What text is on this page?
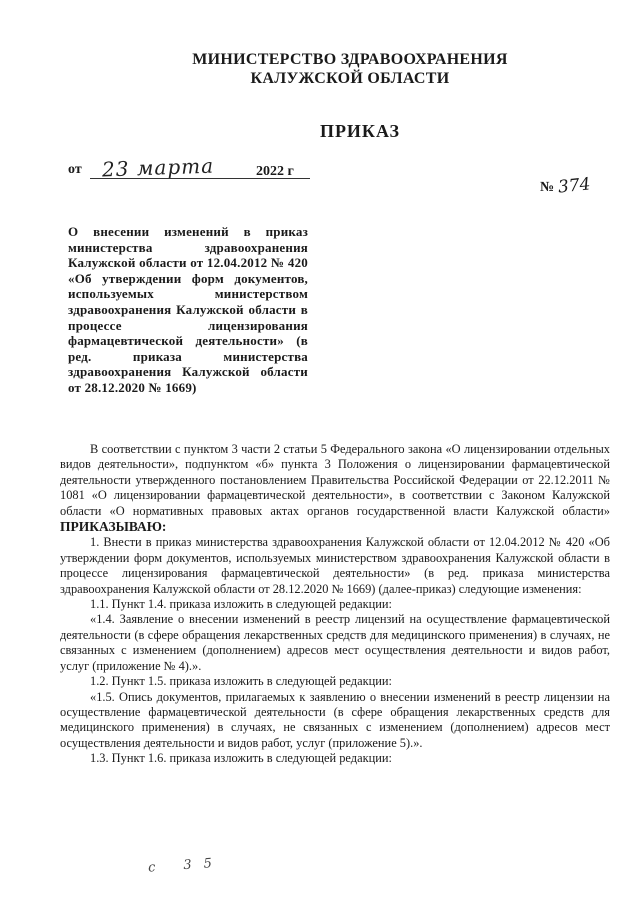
МИНИСТЕРСТВО ЗДРАВООХРАНЕНИЯ
КАЛУЖСКОЙ ОБЛАСТИ
ПРИКАЗ
от 23 марта	2022 г
№ 374
О внесении изменений в приказ министерства здравоохранения Калужской области от 12.04.2012 № 420 «Об утверждении форм документов, используемых министерством здравоохранения Калужской области в процессе лицензирования фармацевтической деятельности» (в ред. приказа министерства здравоохранения Калужской области от 28.12.2020 № 1669)

В соответствии с пунктом 3 части 2 статьи 5 Федерального закона «О лицензировании отдельных видов деятельности», подпунктом «б» пункта 3 Положения о лицензировании фармацевтической деятельности утвержденного постановлением Правительства Российской Федерации от 22.12.2011 № 1081 «О лицензировании фармацевтической деятельности», в соответствии с Законом Калужской области «О нормативных правовых актах органов государственной власти Калужской области» ПРИКАЗЫВАЮ:

1. Внести в приказ министерства здравоохранения Калужской области от 12.04.2012 № 420 «Об утверждении форм документов, используемых министерством здравоохранения Калужской области в процессе лицензирования фармацевтической деятельности» (в ред. приказа министерства здравоохранения Калужской области от 28.12.2020 № 1669) (далее-приказ) следующие изменения:

1.1. Пункт 1.4. приказа изложить в следующей редакции:

«1.4. Заявление о внесении изменений в реестр лицензий на осуществление фармацевтической деятельности (в сфере обращения лекарственных средств для медицинского применения) в случаях, не связанных с изменением (дополнением) адресов мест осуществления деятельности и видов работ, услуг (приложение № 4).».

1.2. Пункт 1.5. приказа изложить в следующей редакции:

«1.5. Опись документов, прилагаемых к заявлению о внесении изменений в реестр лицензии на осуществление фармацевтической деятельности (в сфере обращения лекарственных средств для медицинского применения) в случаях, не связанных с изменением (дополнением) адресов мест осуществления деятельности и видов работ, услуг (приложение 5).».

1.3. Пункт 1.6. приказа изложить в следующей редакции:

с 35
